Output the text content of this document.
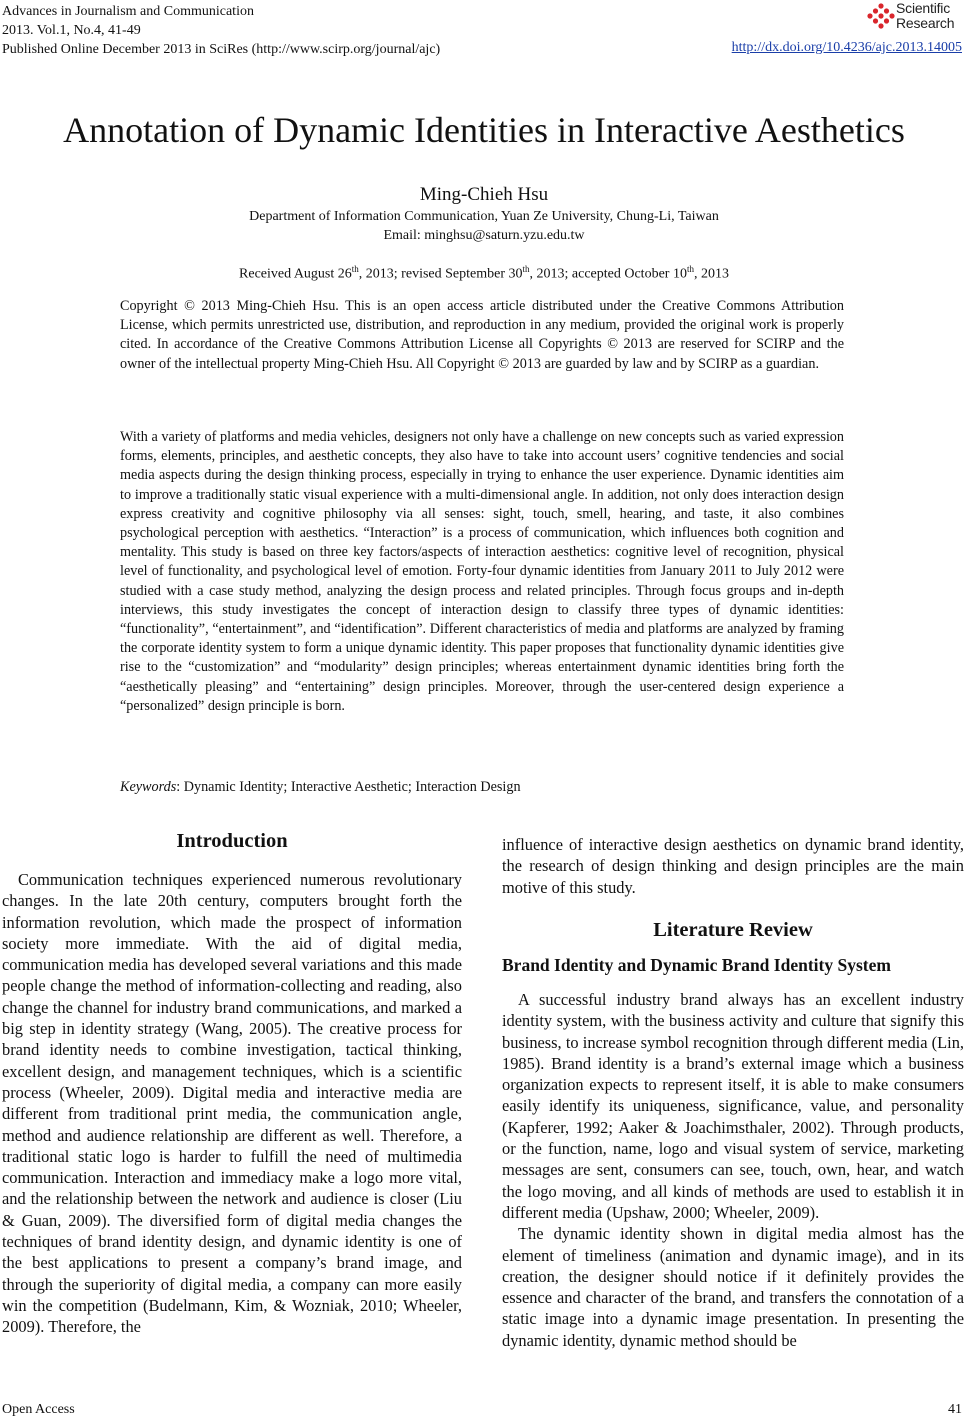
Advances in Journalism and Communication
2013. Vol.1, No.4, 41-49
Published Online December 2013 in SciRes (http://www.scirp.org/journal/ajc)
Scientific
Research
http://dx.doi.org/10.4236/ajc.2013.14005
Annotation of Dynamic Identities in Interactive Aesthetics
Ming-Chieh Hsu
Department of Information Communication, Yuan Ze University, Chung-Li, Taiwan
Email: minghsu@saturn.yzu.edu.tw
Received August 26th, 2013; revised September 30th, 2013; accepted October 10th, 2013
Copyright © 2013 Ming-Chieh Hsu. This is an open access article distributed under the Creative Commons Attribution License, which permits unrestricted use, distribution, and reproduction in any medium, provided the original work is properly cited. In accordance of the Creative Commons Attribution License all Copyrights © 2013 are reserved for SCIRP and the owner of the intellectual property Ming-Chieh Hsu. All Copyright © 2013 are guarded by law and by SCIRP as a guardian.
With a variety of platforms and media vehicles, designers not only have a challenge on new concepts such as varied expression forms, elements, principles, and aesthetic concepts, they also have to take into account users’ cognitive tendencies and social media aspects during the design thinking process, especially in trying to enhance the user experience. Dynamic identities aim to improve a traditionally static visual experience with a multi-dimensional angle. In addition, not only does interaction design express creativity and cognitive philosophy via all senses: sight, touch, smell, hearing, and taste, it also combines psychological perception with aesthetics. “Interaction” is a process of communication, which influences both cognition and mentality. This study is based on three key factors/aspects of interaction aesthetics: cognitive level of recognition, physical level of functionality, and psychological level of emotion. Forty-four dynamic identities from January 2011 to July 2012 were studied with a case study method, analyzing the design process and related principles. Through focus groups and in-depth interviews, this study investigates the concept of interaction design to classify three types of dynamic identities: “functionality”, “entertainment”, and “identification”. Different characteristics of media and platforms are analyzed by framing the corporate identity system to form a unique dynamic identity. This paper proposes that functionality dynamic identities give rise to the “customization” and “modularity” design principles; whereas entertainment dynamic identities bring forth the “aesthetically pleasing” and “entertaining” design principles. Moreover, through the user-centered design experience a “personalized” design principle is born.
Keywords: Dynamic Identity; Interactive Aesthetic; Interaction Design
Introduction

Communication techniques experienced numerous revolutionary changes. In the late 20th century, computers brought forth the information revolution, which made the prospect of information society more immediate. With the aid of digital media, communication media has developed several variations and this made people change the method of information-collecting and reading, also change the channel for industry brand communications, and marked a big step in identity strategy (Wang, 2005). The creative process for brand identity needs to combine investigation, tactical thinking, excellent design, and management techniques, which is a scientific process (Wheeler, 2009). Digital media and interactive media are different from traditional print media, the communication angle, method and audience relationship are different as well. Therefore, a traditional static logo is harder to fulfill the need of multimedia communication. Interaction and immediacy make a logo more vital, and the relationship between the network and audience is closer (Liu & Guan, 2009). The diversified form of digital media changes the techniques of brand identity design, and dynamic identity is one of the best applications to present a company’s brand image, and through the superiority of digital media, a company can more easily win the competition (Budelmann, Kim, & Wozniak, 2010; Wheeler, 2009). Therefore, the

influence of interactive design aesthetics on dynamic brand identity, the research of design thinking and design principles are the main motive of this study.
Literature Review
Brand Identity and Dynamic Brand Identity System

A successful industry brand always has an excellent industry identity system, with the business activity and culture that signify this business, to increase symbol recognition through different media (Lin, 1985). Brand identity is a brand’s external image which a business organization expects to represent itself, it is able to make consumers easily identify its uniqueness, significance, value, and personality (Kapferer, 1992; Aaker & Joachimsthaler, 2002). Through products, or the function, name, logo and visual system of service, marketing messages are sent, consumers can see, touch, own, hear, and watch the logo moving, and all kinds of methods are used to establish it in different media (Upshaw, 2000; Wheeler, 2009).

The dynamic identity shown in digital media almost has the element of timeliness (animation and dynamic image), and in its creation, the designer should notice if it definitely provides the essence and character of the brand, and transfers the connotation of a static image into a dynamic image presentation. In presenting the dynamic identity, dynamic method should be

Open Access	41
